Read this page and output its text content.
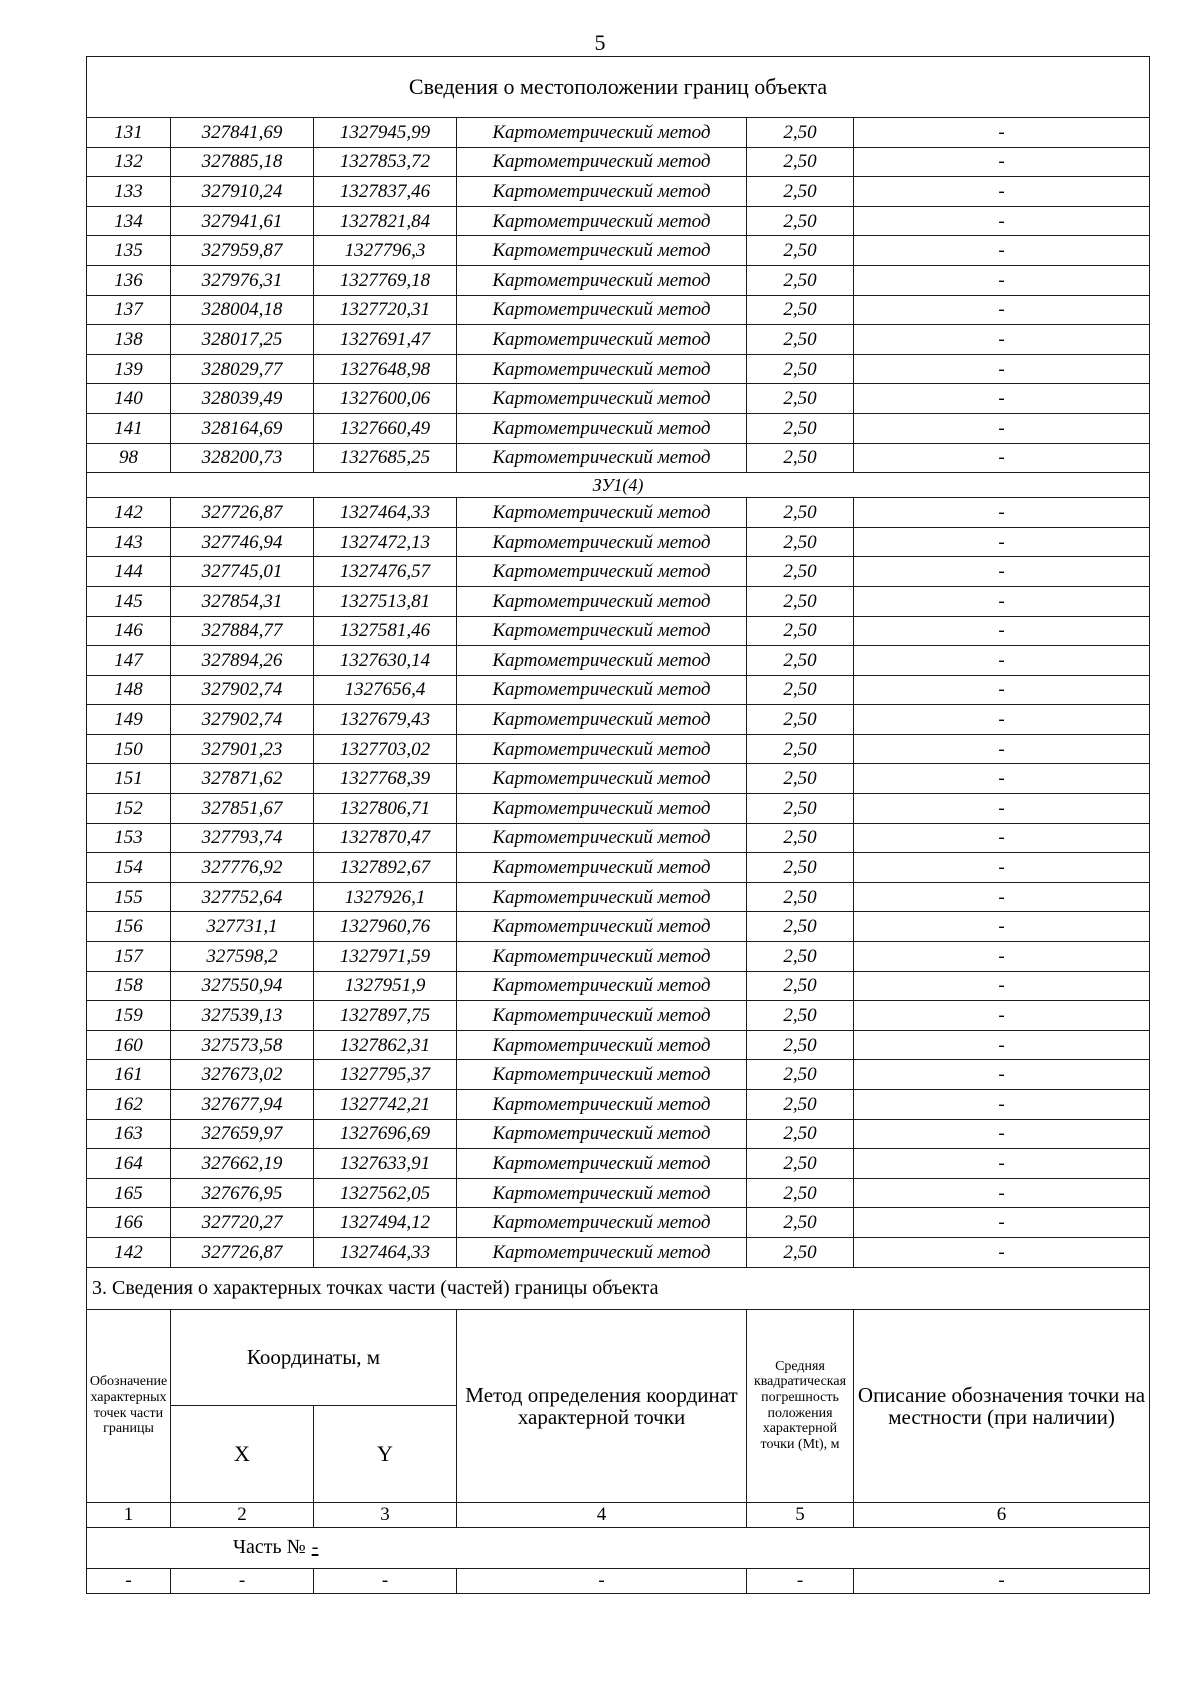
5
Сведения о местоположении границ объекта					
131	327841,69	1327945,99	Картометрический метод	2,50	-
132	327885,18	1327853,72	Картометрический метод	2,50	-
133	327910,24	1327837,46	Картометрический метод	2,50	-
134	327941,61	1327821,84	Картометрический метод	2,50	-
135	327959,87	1327796,3	Картометрический метод	2,50	-
136	327976,31	1327769,18	Картометрический метод	2,50	-
137	328004,18	1327720,31	Картометрический метод	2,50	-
138	328017,25	1327691,47	Картометрический метод	2,50	-
139	328029,77	1327648,98	Картометрический метод	2,50	-
140	328039,49	1327600,06	Картометрический метод	2,50	-
141	328164,69	1327660,49	Картометрический метод	2,50	-
98	328200,73	1327685,25	Картометрический метод	2,50	-
ЗУ1(4)					
142	327726,87	1327464,33	Картометрический метод	2,50	-
143	327746,94	1327472,13	Картометрический метод	2,50	-
144	327745,01	1327476,57	Картометрический метод	2,50	-
145	327854,31	1327513,81	Картометрический метод	2,50	-
146	327884,77	1327581,46	Картометрический метод	2,50	-
147	327894,26	1327630,14	Картометрический метод	2,50	-
148	327902,74	1327656,4	Картометрический метод	2,50	-
149	327902,74	1327679,43	Картометрический метод	2,50	-
150	327901,23	1327703,02	Картометрический метод	2,50	-
151	327871,62	1327768,39	Картометрический метод	2,50	-
152	327851,67	1327806,71	Картометрический метод	2,50	-
153	327793,74	1327870,47	Картометрический метод	2,50	-
154	327776,92	1327892,67	Картометрический метод	2,50	-
155	327752,64	1327926,1	Картометрический метод	2,50	-
156	327731,1	1327960,76	Картометрический метод	2,50	-
157	327598,2	1327971,59	Картометрический метод	2,50	-
158	327550,94	1327951,9	Картометрический метод	2,50	-
159	327539,13	1327897,75	Картометрический метод	2,50	-
160	327573,58	1327862,31	Картометрический метод	2,50	-
161	327673,02	1327795,37	Картометрический метод	2,50	-
162	327677,94	1327742,21	Картометрический метод	2,50	-
163	327659,97	1327696,69	Картометрический метод	2,50	-
164	327662,19	1327633,91	Картометрический метод	2,50	-
165	327676,95	1327562,05	Картометрический метод	2,50	-
166	327720,27	1327494,12	Картометрический метод	2,50	-
142	327726,87	1327464,33	Картометрический метод	2,50	-
3. Сведения о характерных точках части (частей) границы объекта					
Обозначение характерных точек части границы	Координаты, м		Метод определения координат характерной точки	Средняя квадратическая погрешность положения характерной точки (Mt), м	Описание обозначения точки на местности (при наличии)
	X	Y			
1	2	3	4	5	6
Часть № -					
-	-	-	-	-	-
